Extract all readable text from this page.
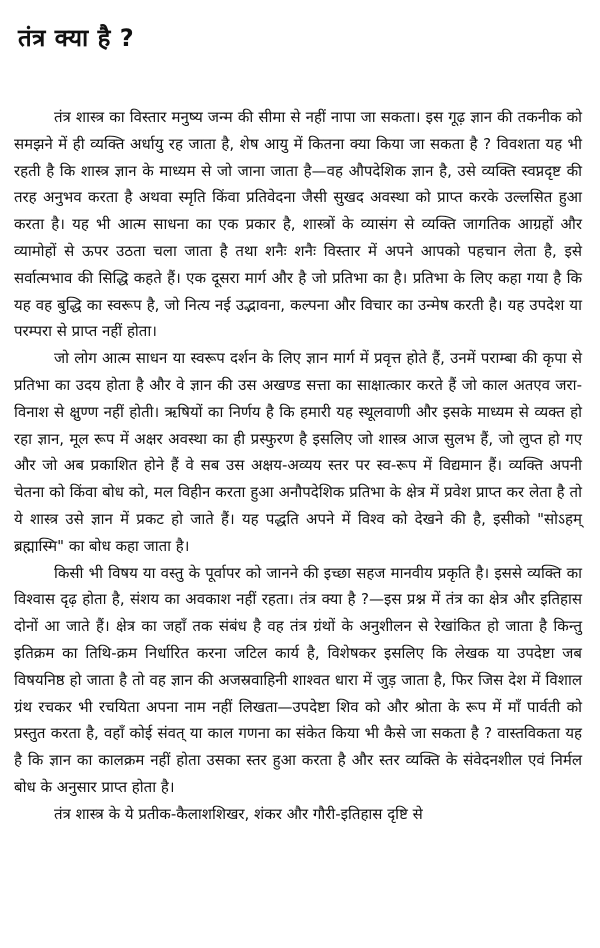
तंत्र क्या है ?

तंत्र शास्त्र का विस्तार मनुष्य जन्म की सीमा से नहीं नापा जा सकता। इस गूढ़ ज्ञान की तकनीक को समझने में ही व्यक्ति अर्धायु रह जाता है, शेष आयु में कितना क्या किया जा सकता है ? विवशता यह भी रहती है कि शास्त्र ज्ञान के माध्यम से जो जाना जाता है—वह औपदेशिक ज्ञान है, उसे व्यक्ति स्वप्नदृष्ट की तरह अनुभव करता है अथवा स्मृति किंवा प्रतिवेदना जैसी सुखद अवस्था को प्राप्त करके उल्लसित हुआ करता है। यह भी आत्म साधना का एक प्रकार है, शास्त्रों के व्यासंग से व्यक्ति जागतिक आग्रहों और व्यामोहों से ऊपर उठता चला जाता है तथा शनैः शनैः विस्तार में अपने आपको पहचान लेता है, इसे सर्वात्मभाव की सिद्धि कहते हैं। एक दूसरा मार्ग और है जो प्रतिभा का है। प्रतिभा के लिए कहा गया है कि यह वह बुद्धि का स्वरूप है, जो नित्य नई उद्भावना, कल्पना और विचार का उन्मेष करती है। यह उपदेश या परम्परा से प्राप्त नहीं होता।

जो लोग आत्म साधन या स्वरूप दर्शन के लिए ज्ञान मार्ग में प्रवृत्त होते हैं, उनमें पराम्बा की कृपा से प्रतिभा का उदय होता है और वे ज्ञान की उस अखण्ड सत्ता का साक्षात्कार करते हैं जो काल अतएव जरा-विनाश से क्षुण्ण नहीं होती। ऋषियों का निर्णय है कि हमारी यह स्थूलवाणी और इसके माध्यम से व्यक्त हो रहा ज्ञान, मूल रूप में अक्षर अवस्था का ही प्रस्फुरण है इसलिए जो शास्त्र आज सुलभ हैं, जो लुप्त हो गए और जो अब प्रकाशित होने हैं वे सब उस अक्षय-अव्यय स्तर पर स्व-रूप में विद्यमान हैं। व्यक्ति अपनी चेतना को किंवा बोध को, मल विहीन करता हुआ अनौपदेशिक प्रतिभा के क्षेत्र में प्रवेश प्राप्त कर लेता है तो ये शास्त्र उसे ज्ञान में प्रकट हो जाते हैं। यह पद्धति अपने में विश्व को देखने की है, इसीको "सोऽहम् ब्रह्मास्मि" का बोध कहा जाता है।

किसी भी विषय या वस्तु के पूर्वापर को जानने की इच्छा सहज मानवीय प्रकृति है। इससे व्यक्ति का विश्वास दृढ़ होता है, संशय का अवकाश नहीं रहता। तंत्र क्या है ?—इस प्रश्न में तंत्र का क्षेत्र और इतिहास दोनों आ जाते हैं। क्षेत्र का जहाँ तक संबंध है वह तंत्र ग्रंथों के अनुशीलन से रेखांकित हो जाता है किन्तु इतिक्रम का तिथि-क्रम निर्धारित करना जटिल कार्य है, विशेषकर इसलिए कि लेखक या उपदेष्टा जब विषयनिष्ठ हो जाता है तो वह ज्ञान की अजस्रवाहिनी शाश्वत धारा में जुड़ जाता है, फिर जिस देश में विशाल ग्रंथ रचकर भी रचयिता अपना नाम नहीं लिखता—उपदेष्टा शिव को और श्रोता के रूप में माँ पार्वती को प्रस्तुत करता है, वहाँ कोई संवत् या काल गणना का संकेत किया भी कैसे जा सकता है ? वास्तविकता यह है कि ज्ञान का कालक्रम नहीं होता उसका स्तर हुआ करता है और स्तर व्यक्ति के संवेदनशील एवं निर्मल बोध के अनुसार प्राप्त होता है।

तंत्र शास्त्र के ये प्रतीक-कैलाशशिखर, शंकर और गौरी-इतिहास दृष्टि से
